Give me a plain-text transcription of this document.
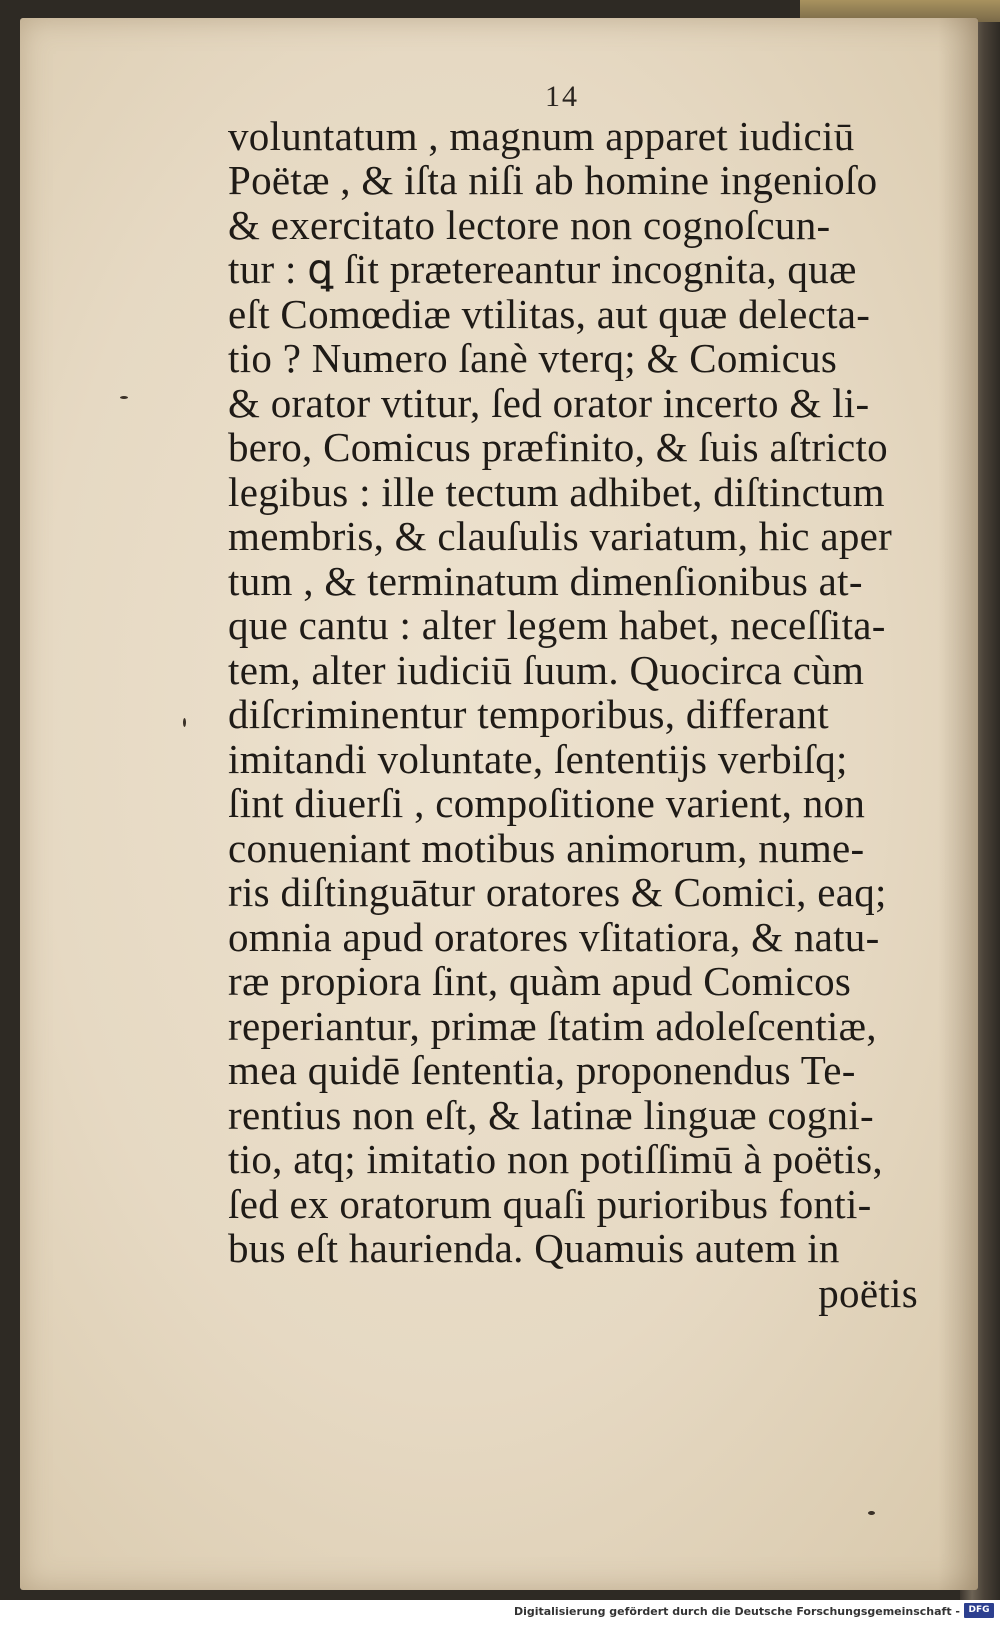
14
voluntatum , magnum apparet iudiciū
Poëtæ , & iſta niſi ab homine ingenioſo
& exercitato lectore non cognoſcun-
tur : ꝗ ſit prætereantur incognita, quæ
eſt Comœdiæ vtilitas, aut quæ delecta-
tio ? Numero ſanè vterq; & Comicus
& orator vtitur, ſed orator incerto & li-
bero, Comicus præfinito, & ſuis aſtricto
legibus : ille tectum adhibet, diſtinctum
membris, & clauſulis variatum, hic aper
tum , & terminatum dimenſionibus at-
que cantu : alter legem habet, neceſſita-
tem, alter iudiciū ſuum. Quocirca cùm
diſcriminentur temporibus, differant
imitandi voluntate, ſententijs verbiſq;
ſint diuerſi , compoſitione varient, non
conueniant motibus animorum, nume-
ris diſtinguātur oratores & Comici, eaq;
omnia apud oratores vſitatiora, & natu-
ræ propiora ſint, quàm apud Comicos
reperiantur, primæ ſtatim adoleſcentiæ,
mea quidē ſententia, proponendus Te-
rentius non eſt, & latinæ linguæ cogni-
tio, atq; imitatio non potiſſimū à poëtis,
ſed ex oratorum quaſi purioribus fonti-
bus eſt haurienda. Quamuis autem in
poëtis
Digitalisierung gefördert durch die Deutsche Forschungsgemeinschaft - DFG
